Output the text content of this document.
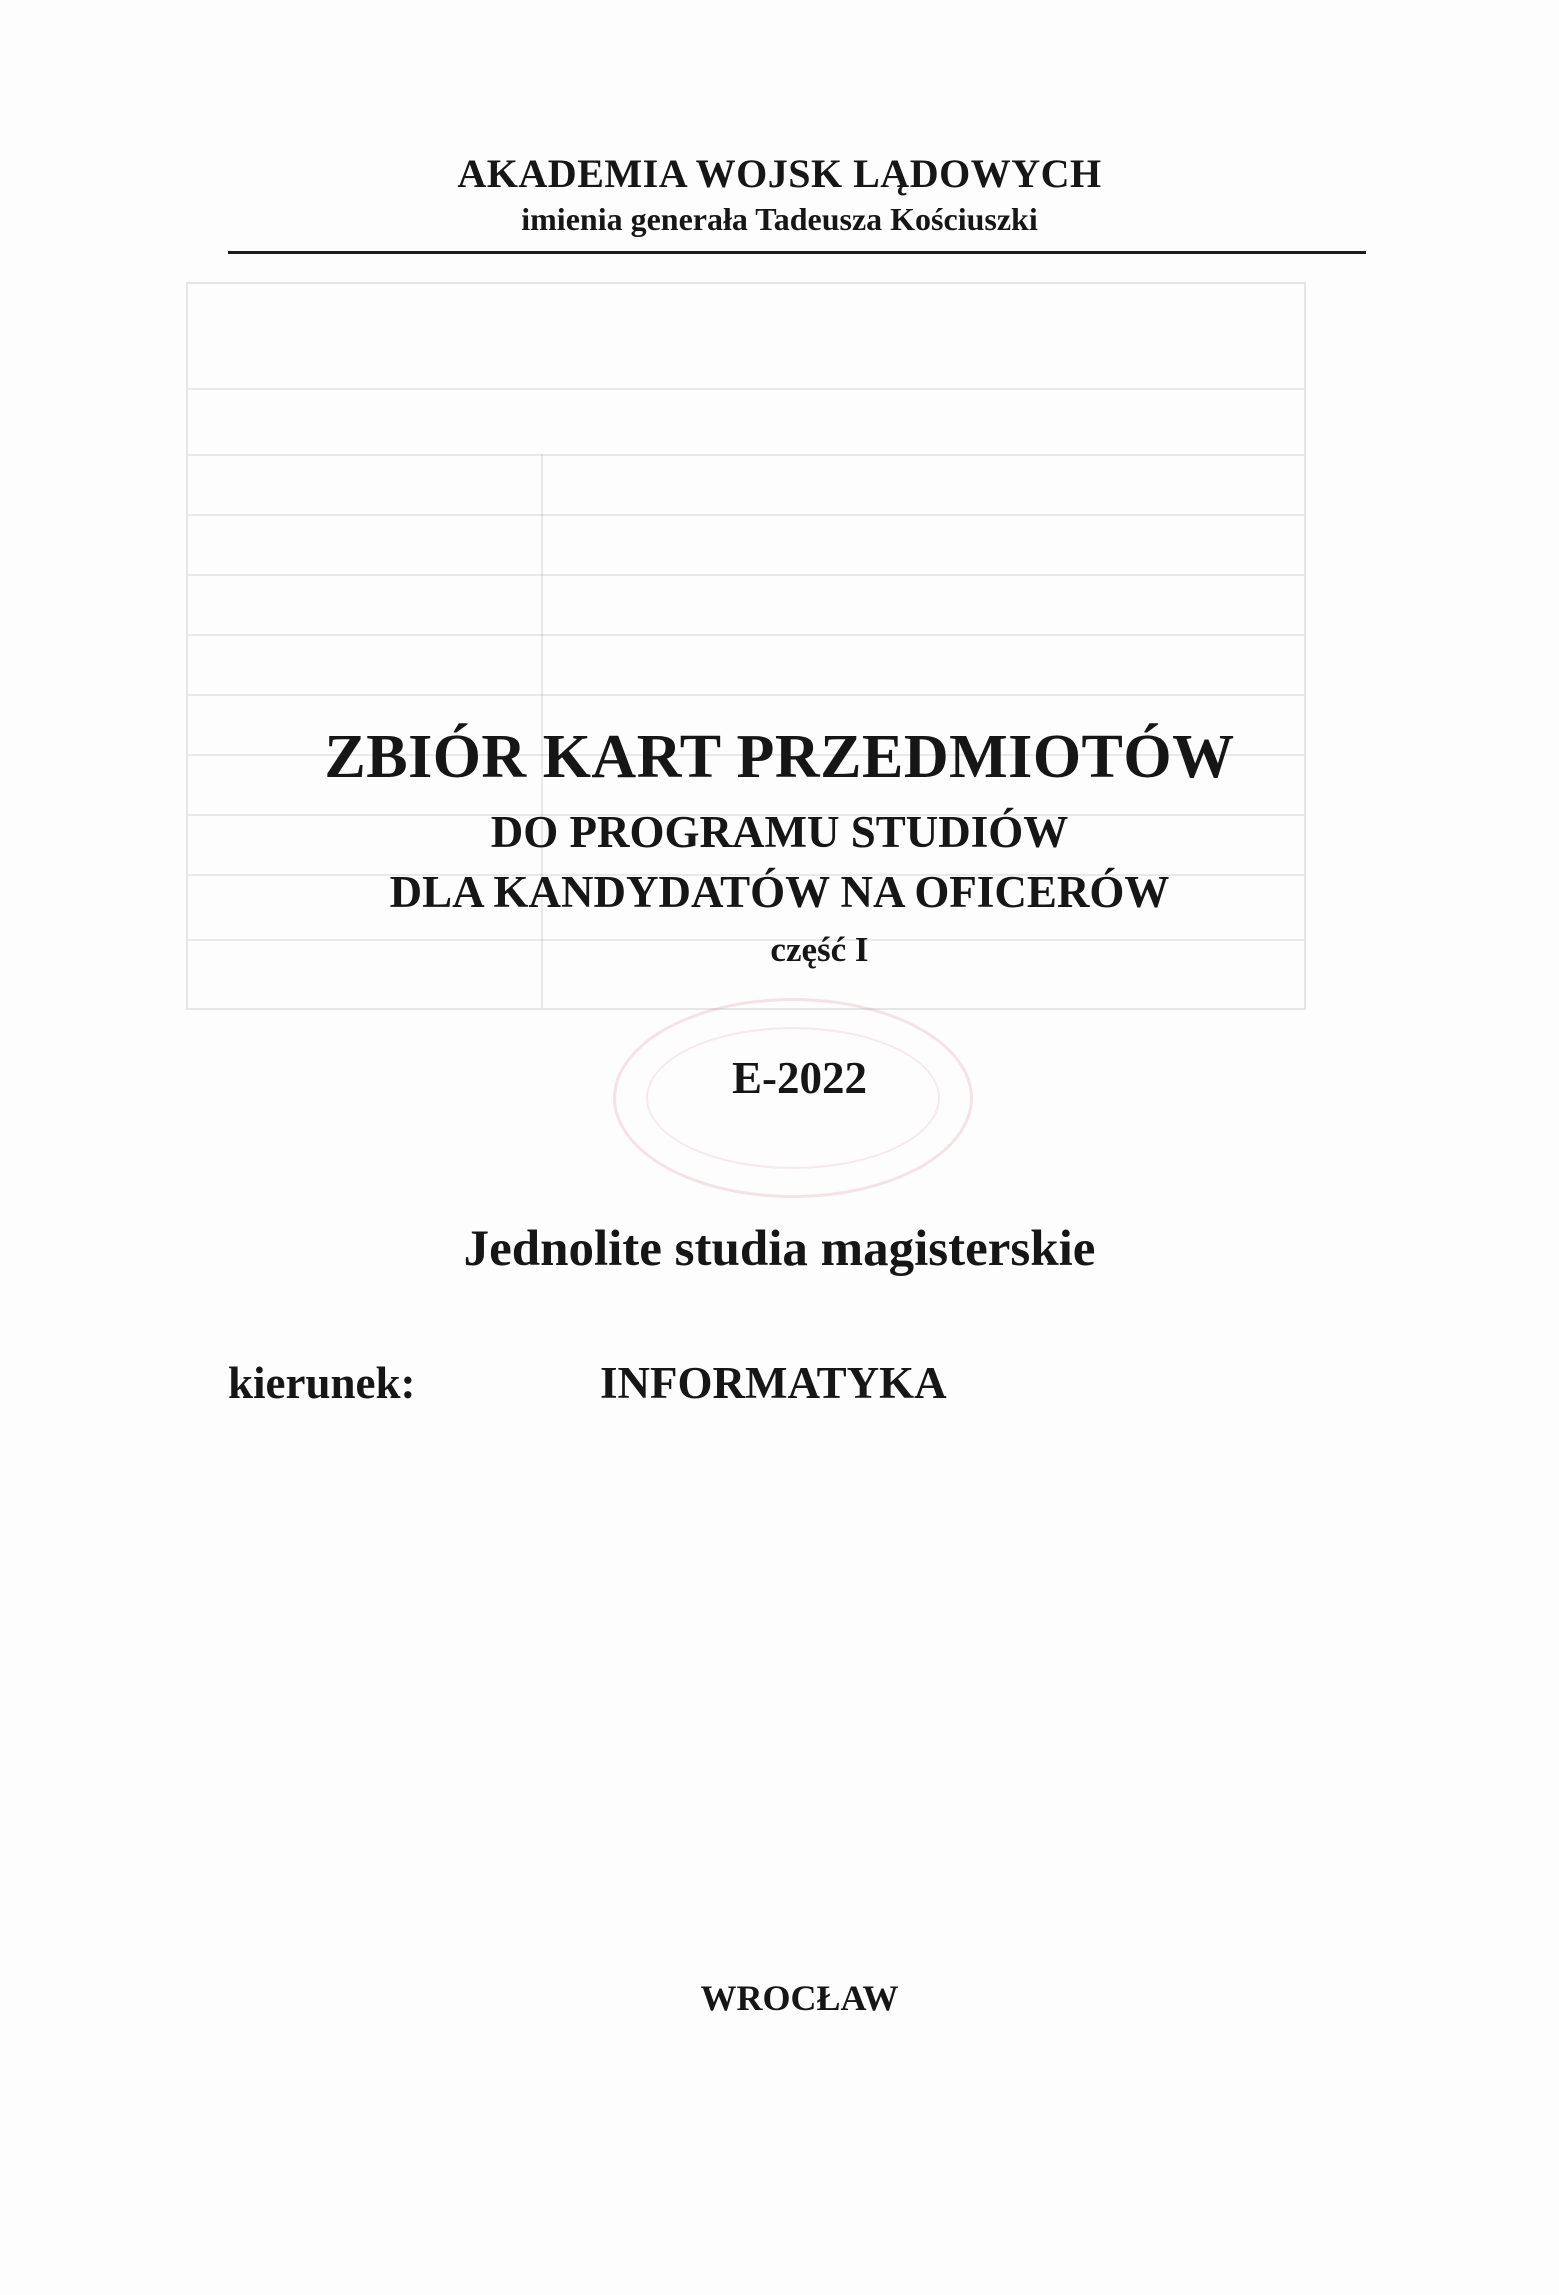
AKADEMIA WOJSK LĄDOWYCH
imienia generała Tadeusza Kościuszki
ZBIÓR KART PRZEDMIOTÓW
DO PROGRAMU STUDIÓW
DLA KANDYDATÓW NA OFICERÓW
część I
E-2022
Jednolite studia magisterskie
kierunek:	INFORMATYKA
WROCŁAW
